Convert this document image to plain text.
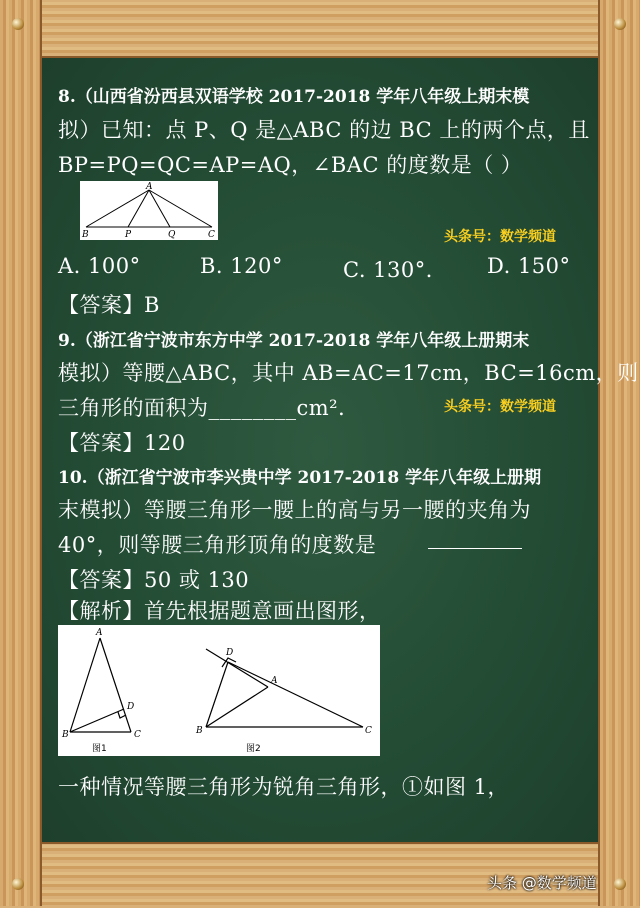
8.（山西省汾西县双语学校 2017-2018 学年八年级上期末模
拟）已知：点 P、Q 是△ABC 的边 BC 上的两个点，且
BP=PQ=QC=AP=AQ，∠BAC 的度数是（ ）
A
B	P	Q	C	头条号：数学频道
A. 100°	B. 120°	C. 130°． D. 150°
【答案】B
9.（浙江省宁波市东方中学 2017-2018 学年八年级上册期末
模拟）等腰△ABC，其中 AB=AC=17cm，BC=16cm，则
三角形的面积为________cm²．	头条号：数学频道
【答案】120
10.（浙江省宁波市李兴贵中学 2017-2018 学年八年级上册期
末模拟）等腰三角形一腰上的高与另一腰的夹角为
40°，则等腰三角形顶角的度数是
【答案】50 或 130
【解析】首先根据题意画出图形，
A
B	C
D
A
B	C
D
图1	图2
一种情况等腰三角形为锐角三角形，①如图 1，
头条 @数学频道
